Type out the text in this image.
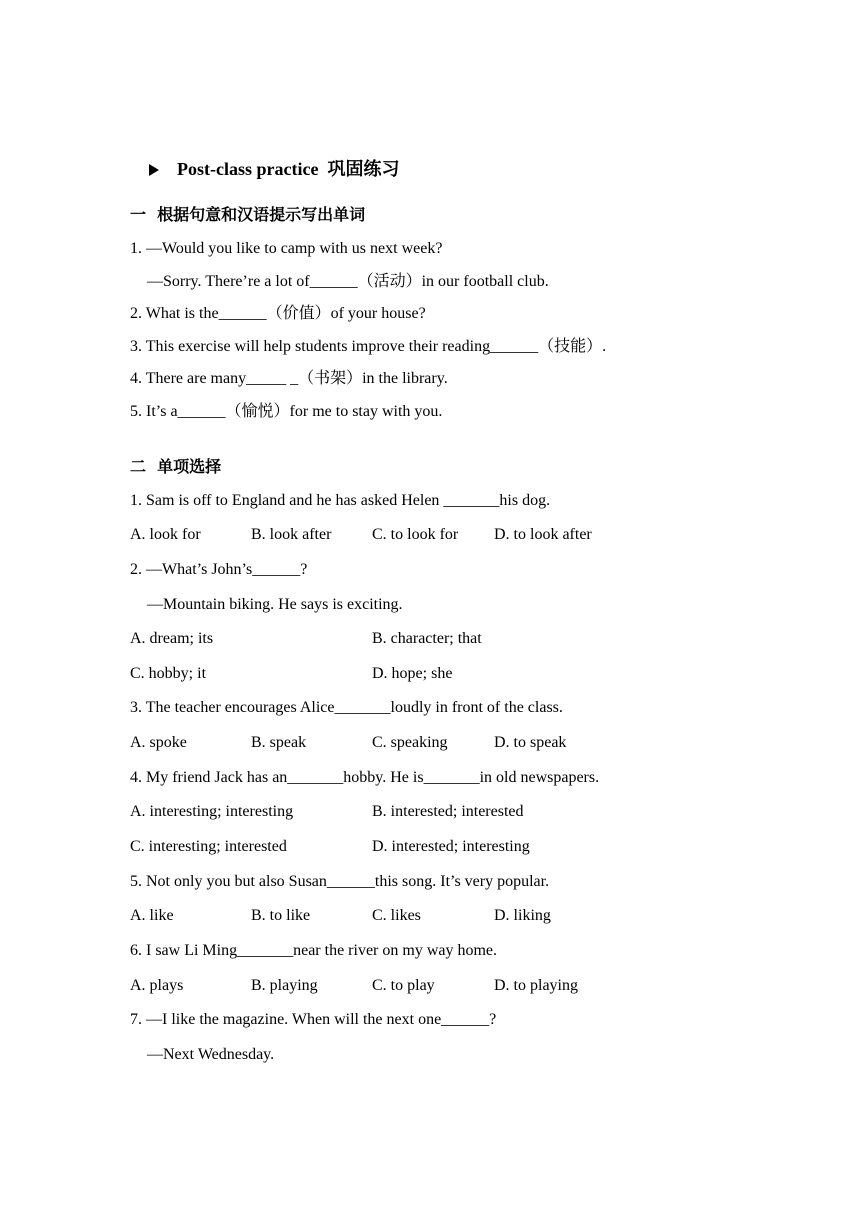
Post-class practice  巩固练习

一  根据句意和汉语提示写出单词
1. —Would you like to camp with us next week?
—Sorry. There’re a lot of______（活动）in our football club.
2. What is the______（价值）of your house?
3. This exercise will help students improve their reading______（技能）.
4. There are many_____ _（书架）in the library.
5. It’s a______（愉悦）for me to stay with you.
二  单项选择
1. Sam is off to England and he has asked Helen _______his dog.
A. look for	B. look after	C. to look for D. to look after
2. —What’s John’s______?
—Mountain biking. He says is exciting.
A. dream; its	B. character; that
C. hobby; it	D. hope; she
3. The teacher encourages Alice_______loudly in front of the class.
A. spoke	B. speak	C. speaking	D. to speak
4. My friend Jack has an_______hobby. He is_______in old newspapers.
A. interesting; interesting	B. interested; interested
C. interesting; interested	D. interested; interesting
5. Not only you but also Susan______this song. It’s very popular.
A. like	B. to like	C. likes	D. liking
6. I saw Li Ming_______near the river on my way home.
A. plays	B. playing	C. to play	D. to playing
7. —I like the magazine. When will the next one______?
—Next Wednesday.
